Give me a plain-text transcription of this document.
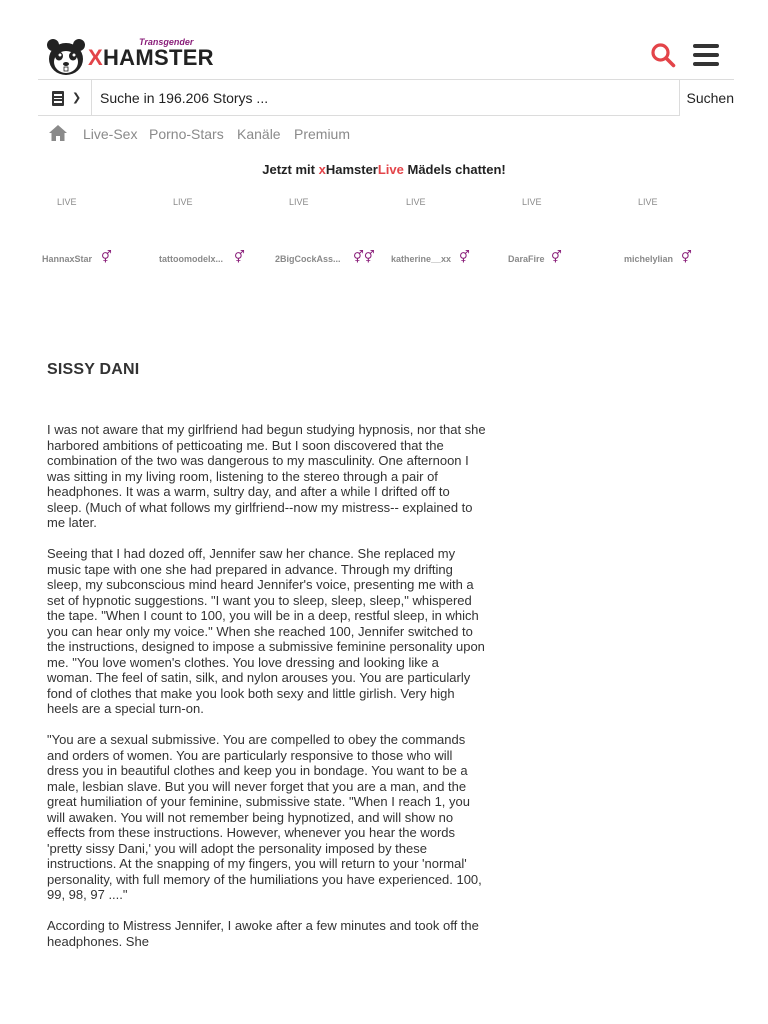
Transgender
XHAMSTER
❯
Suche in 196.206 Storys ...	Suchen
Live-Sex Porno-Stars Kanäle Premium
Jetzt mit xHamsterLive Mädels chatten!
LIVE	LIVE	LIVE	LIVE	LIVE	LIVE
HannaxStar ⚥	tattoomodelx... ⚥	2BigCockAss... ⚥⚥ katherine__xx ⚥	DaraFire ⚥	michelylian ⚥
SISSY DANI

I was not aware that my girlfriend had begun studying hypnosis, nor that she harbored ambitions of petticoating me. But I soon discovered that the combination of the two was dangerous to my masculinity. One afternoon I was sitting in my living room, listening to the stereo through a pair of headphones. It was a warm, sultry day, and after a while I drifted off to sleep. (Much of what follows my girlfriend--now my mistress-- explained to me later.

Seeing that I had dozed off, Jennifer saw her chance. She replaced my music tape with one she had prepared in advance. Through my drifting sleep, my subconscious mind heard Jennifer's voice, presenting me with a set of hypnotic suggestions. "I want you to sleep, sleep, sleep," whispered the tape. "When I count to 100, you will be in a deep, restful sleep, in which you can hear only my voice." When she reached 100, Jennifer switched to the instructions, designed to impose a submissive feminine personality upon me. "You love women's clothes. You love dressing and looking like a woman. The feel of satin, silk, and nylon arouses you. You are particularly fond of clothes that make you look both sexy and little girlish. Very high heels are a special turn-on.

"You are a sexual submissive. You are compelled to obey the commands and orders of women. You are particularly responsive to those who will dress you in beautiful clothes and keep you in bondage. You want to be a male, lesbian slave. But you will never forget that you are a man, and the great humiliation of your feminine, submissive state. "When I reach 1, you will awaken. You will not remember being hypnotized, and will show no effects from these instructions. However, whenever you hear the words 'pretty sissy Dani,' you will adopt the personality imposed by these instructions. At the snapping of my fingers, you will return to your 'normal' personality, with full memory of the humiliations you have experienced. 100, 99, 98, 97 ...."

According to Mistress Jennifer, I awoke after a few minutes and took off the headphones. She
